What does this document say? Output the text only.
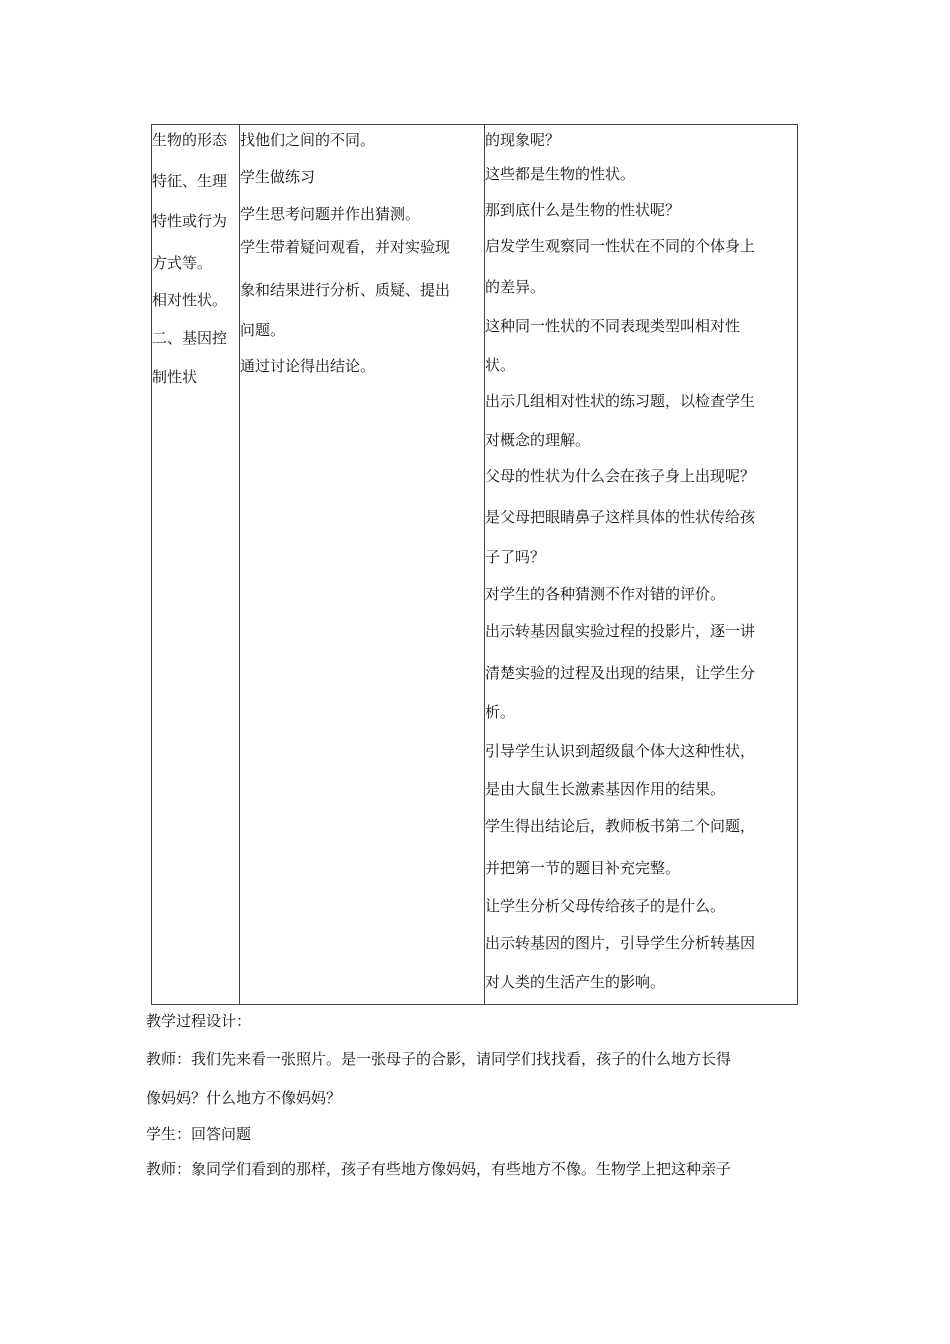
生物的形态
特征、生理
特性或行为
方式等。
相对性状。
二、基因控
制性状
找他们之间的不同。
学生做练习
学生思考问题并作出猜测。
学生带着疑问观看，并对实验现
象和结果进行分析、质疑、提出
问题。
通过讨论得出结论。
的现象呢？
这些都是生物的性状。
那到底什么是生物的性状呢？
启发学生观察同一性状在不同的个体身上
的差异。
这种同一性状的不同表现类型叫相对性
状。
出示几组相对性状的练习题，以检查学生
对概念的理解。
父母的性状为什么会在孩子身上出现呢？
是父母把眼睛鼻子这样具体的性状传给孩
子了吗？
对学生的各种猜测不作对错的评价。
出示转基因鼠实验过程的投影片，逐一讲
清楚实验的过程及出现的结果，让学生分
析。
引导学生认识到超级鼠个体大这种性状，
是由大鼠生长激素基因作用的结果。
学生得出结论后，教师板书第二个问题，
并把第一节的题目补充完整。
让学生分析父母传给孩子的是什么。
出示转基因的图片，引导学生分析转基因
对人类的生活产生的影响。
教学过程设计：
教师：我们先来看一张照片。是一张母子的合影，请同学们找找看，孩子的什么地方长得
像妈妈？什么地方不像妈妈？
学生：回答问题
教师：象同学们看到的那样，孩子有些地方像妈妈，有些地方不像。生物学上把这种亲子
